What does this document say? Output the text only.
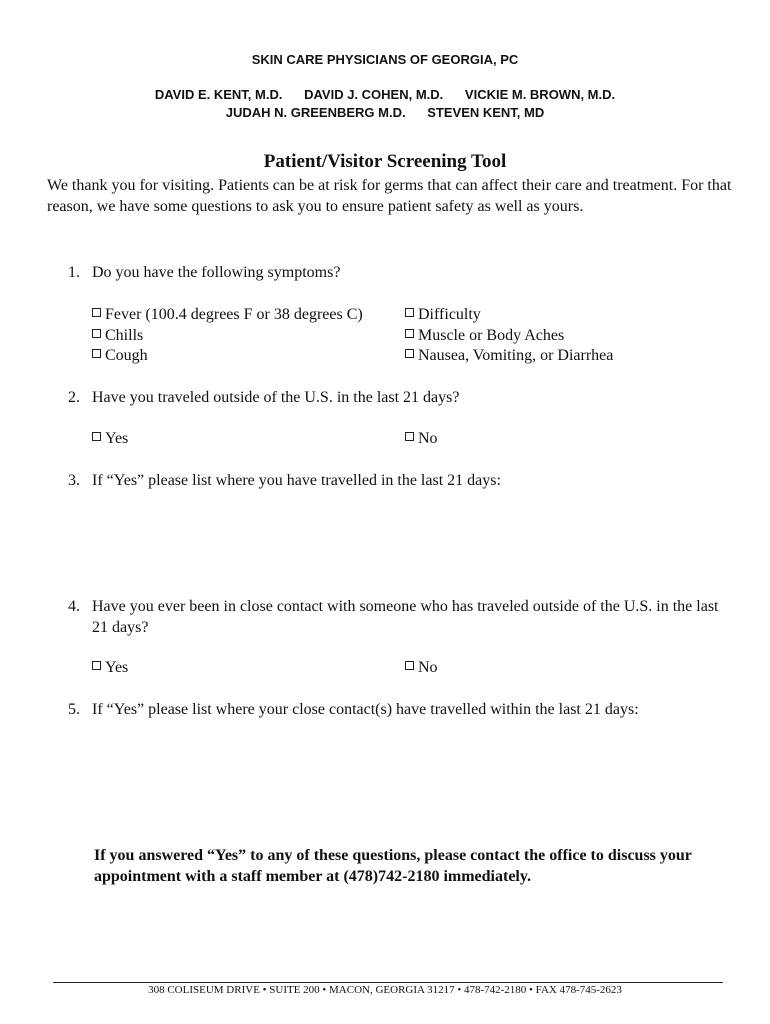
SKIN CARE PHYSICIANS OF GEORGIA, PC
DAVID E. KENT, M.D. DAVID J. COHEN, M.D. VICKIE M. BROWN, M.D.
JUDAH N. GREENBERG M.D. STEVEN KENT, MD
Patient/Visitor Screening Tool
We thank you for visiting. Patients can be at risk for germs that can affect their care and treatment. For that reason, we have some questions to ask you to ensure patient safety as well as yours.
1. Do you have the following symptoms?
Fever (100.4 degrees F or 38 degrees C)
Chills
Cough
Difficulty
Muscle or Body Aches
Nausea, Vomiting, or Diarrhea
2. Have you traveled outside of the U.S. in the last 21 days?
Yes	No
3. If “Yes” please list where you have travelled in the last 21 days:
4. Have you ever been in close contact with someone who has traveled outside of the U.S. in the last 21 days?
Yes	No
5. If “Yes” please list where your close contact(s) have travelled within the last 21 days:
If you answered “Yes” to any of these questions, please contact the office to discuss your appointment with a staff member at (478)742-2180 immediately.
308 COLISEUM DRIVE • SUITE 200 • MACON, GEORGIA 31217 • 478-742-2180 • FAX 478-745-2623
